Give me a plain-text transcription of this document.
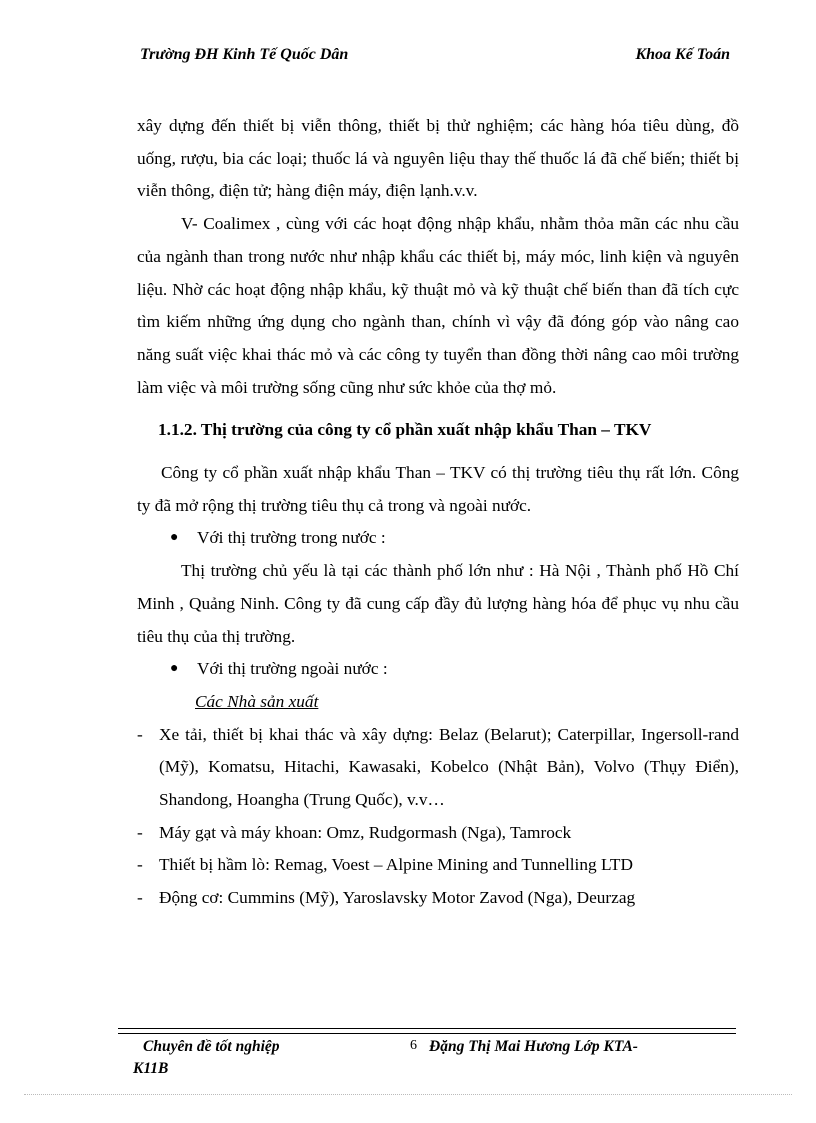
Trường ĐH Kinh Tế Quốc Dân	Khoa Kế Toán

xây dựng đến thiết bị viễn thông, thiết bị thử nghiệm; các hàng hóa tiêu dùng, đồ uống, rượu, bia các loại; thuốc lá và nguyên liệu thay thế thuốc lá đã chế biến; thiết bị viễn thông, điện tử; hàng điện máy, điện lạnh.v.v.

V- Coalimex , cùng với các hoạt động nhập khẩu, nhằm thỏa mãn các nhu cầu của ngành than trong nước như nhập khẩu các thiết bị, máy móc, linh kiện và nguyên liệu. Nhờ các hoạt động nhập khẩu, kỹ thuật mỏ và kỹ thuật chế biến than đã tích cực tìm kiếm những ứng dụng cho ngành than, chính vì vậy đã đóng góp vào nâng cao năng suất việc khai thác mỏ và các công ty tuyển than đồng thời nâng cao môi trường làm việc và môi trường sống cũng như sức khỏe của thợ mỏ.

1.1.2. Thị trường của công ty cổ phần xuất nhập khẩu Than – TKV

Công ty cổ phần xuất nhập khẩu Than – TKV có thị trường tiêu thụ rất lớn. Công ty đã mở rộng thị trường tiêu thụ cả trong và ngoài nước.

● Với thị trường trong nước :

Thị trường chủ yếu là tại các thành phố lớn như : Hà Nội , Thành phố Hồ Chí Minh , Quảng Ninh. Công ty đã cung cấp đầy đủ lượng hàng hóa để phục vụ nhu cầu tiêu thụ của thị trường.

● Với thị trường ngoài nước :

Các Nhà sản xuất

- Xe tải, thiết bị khai thác và xây dựng: Belaz (Belarut); Caterpillar, Ingersoll-rand (Mỹ), Komatsu, Hitachi, Kawasaki, Kobelco (Nhật Bản), Volvo (Thụy Điển), Shandong, Hoangha (Trung Quốc), v.v…

- Máy gạt và máy khoan: Omz, Rudgormash (Nga), Tamrock

- Thiết bị hầm lò: Remag, Voest – Alpine Mining and Tunnelling LTD

- Động cơ: Cummins (Mỹ), Yaroslavsky Motor Zavod (Nga), Deurzag

Chuyên đề tốt nghiệp	6 Đặng Thị Mai Hương Lớp KTA-
K11B
